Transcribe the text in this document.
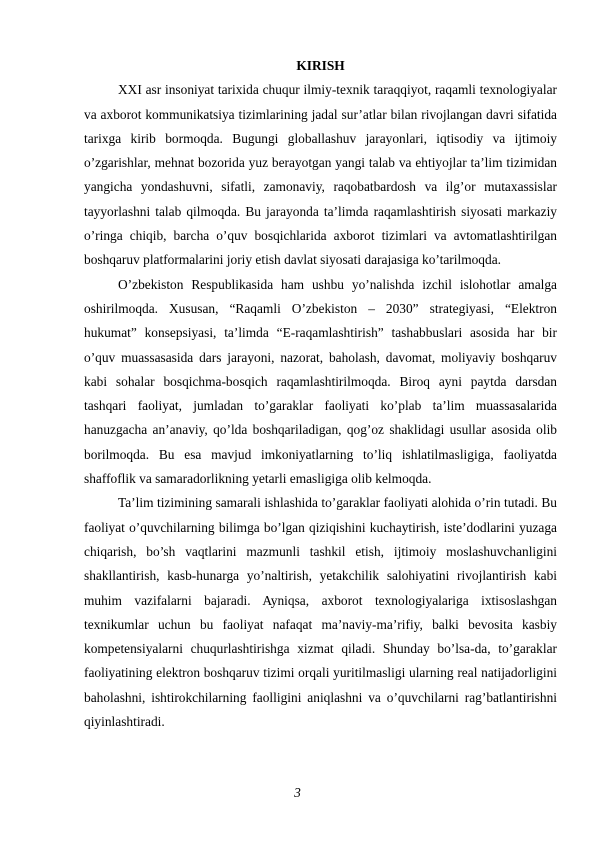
KIRISH

XXI asr insoniyat tarixida chuqur ilmiy-texnik taraqqiyot, raqamli texnologiyalar va axborot kommunikatsiya tizimlarining jadal sur’atlar bilan rivojlangan davri sifatida tarixga kirib bormoqda. Bugungi globallashuv jarayonlari, iqtisodiy va ijtimoiy o’zgarishlar, mehnat bozorida yuz berayotgan yangi talab va ehtiyojlar ta’lim tizimidan yangicha yondashuvni, sifatli, zamonaviy, raqobatbardosh va ilg’or mutaxassislar tayyorlashni talab qilmoqda. Bu jarayonda ta’limda raqamlashtirish siyosati markaziy o’ringa chiqib, barcha o’quv bosqichlarida axborot tizimlari va avtomatlashtirilgan boshqaruv platformalarini joriy etish davlat siyosati darajasiga ko’tarilmoqda.

O’zbekiston Respublikasida ham ushbu yo’nalishda izchil islohotlar amalga oshirilmoqda. Xususan, “Raqamli O’zbekiston – 2030” strategiyasi, “Elektron hukumat” konsepsiyasi, ta’limda “E-raqamlashtirish” tashabbuslari asosida har bir o’quv muassasasida dars jarayoni, nazorat, baholash, davomat, moliyaviy boshqaruv kabi sohalar bosqichma-bosqich raqamlashtirilmoqda. Biroq ayni paytda darsdan tashqari faoliyat, jumladan to’garaklar faoliyati ko’plab ta’lim muassasalarida hanuzgacha an’anaviy, qo’lda boshqariladigan, qog’oz shaklidagi usullar asosida olib borilmoqda. Bu esa mavjud imkoniyatlarning to’liq ishlatilmasligiga, faoliyatda shaffoflik va samaradorlikning yetarli emasligiga olib kelmoqda.

Ta’lim tizimining samarali ishlashida to’garaklar faoliyati alohida o’rin tutadi. Bu faoliyat o’quvchilarning bilimga bo’lgan qiziqishini kuchaytirish, iste’dodlarini yuzaga chiqarish, bo’sh vaqtlarini mazmunli tashkil etish, ijtimoiy moslashuvchanligini shakllantirish, kasb-hunarga yo’naltirish, yetakchilik salohiyatini rivojlantirish kabi muhim vazifalarni bajaradi. Ayniqsa, axborot texnologiyalariga ixtisoslashgan texnikumlar uchun bu faoliyat nafaqat ma’naviy-ma’rifiy, balki bevosita kasbiy kompetensiyalarni chuqurlashtirishga xizmat qiladi. Shunday bo’lsa-da, to’garaklar faoliyatining elektron boshqaruv tizimi orqali yuritilmasligi ularning real natijadorligini baholashni, ishtirokchilarning faolligini aniqlashni va o’quvchilarni rag’batlantirishni qiyinlashtiradi.

3
